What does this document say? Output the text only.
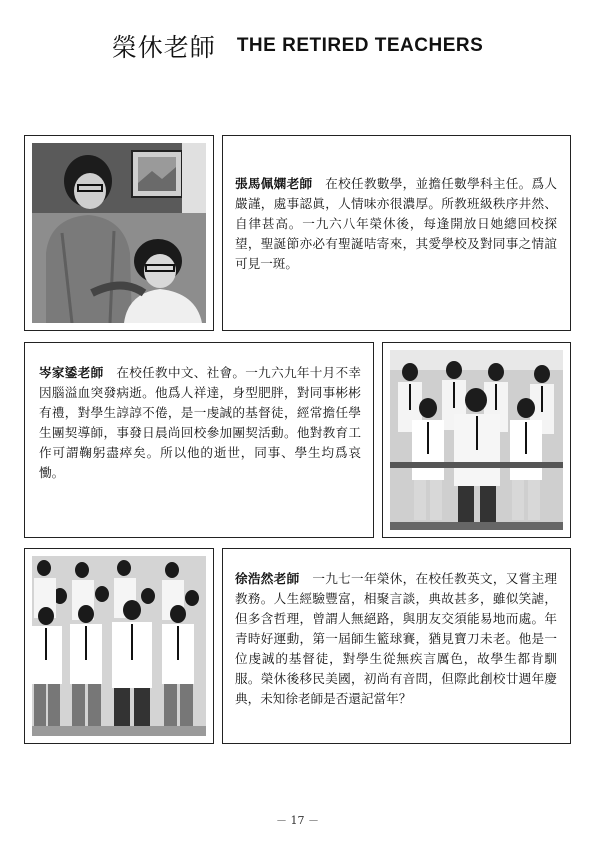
榮休老師 THE RETIRED TEACHERS
張馬佩嫻老師　 在校任教數學，並擔任數學科主任。爲人嚴謹，處事認眞，人情味亦很濃厚。所教班級秩序井然、自律甚高。一九六八年榮休後，每逢開放日她總回校探望，聖誕節亦必有聖誕咭寄來，其愛學校及對同事之情誼可見一斑。
岑家鋈老師　 在校任教中文、社會。一九六九年十月不幸因腦溢血突發病逝。他爲人祥達，身型肥胖，對同事彬彬有禮，對學生諄諄不倦，是一虔誠的基督徒，經常擔任學生團契導師，事發日晨尚回校參加團契活動。他對教育工作可謂鞠躬盡瘁矣。所以他的逝世，同事、學生均爲哀慟。
徐浩然老師　 一九七一年榮休，在校任教英文，又嘗主理教務。人生經驗豐富，相聚言談，典故甚多，雖似笑謔，但多含哲理，曾謂人無絕路，與朋友交須能易地而處。年青時好運動，第一屆師生籃球賽，猶見寶刀未老。他是一位虔誠的基督徒，對學生從無疾言厲色，故學生都肯馴服。榮休後移民美國，初尚有音問，但際此創校廿週年慶典，未知徐老師是否還記當年？
－ 17 －
